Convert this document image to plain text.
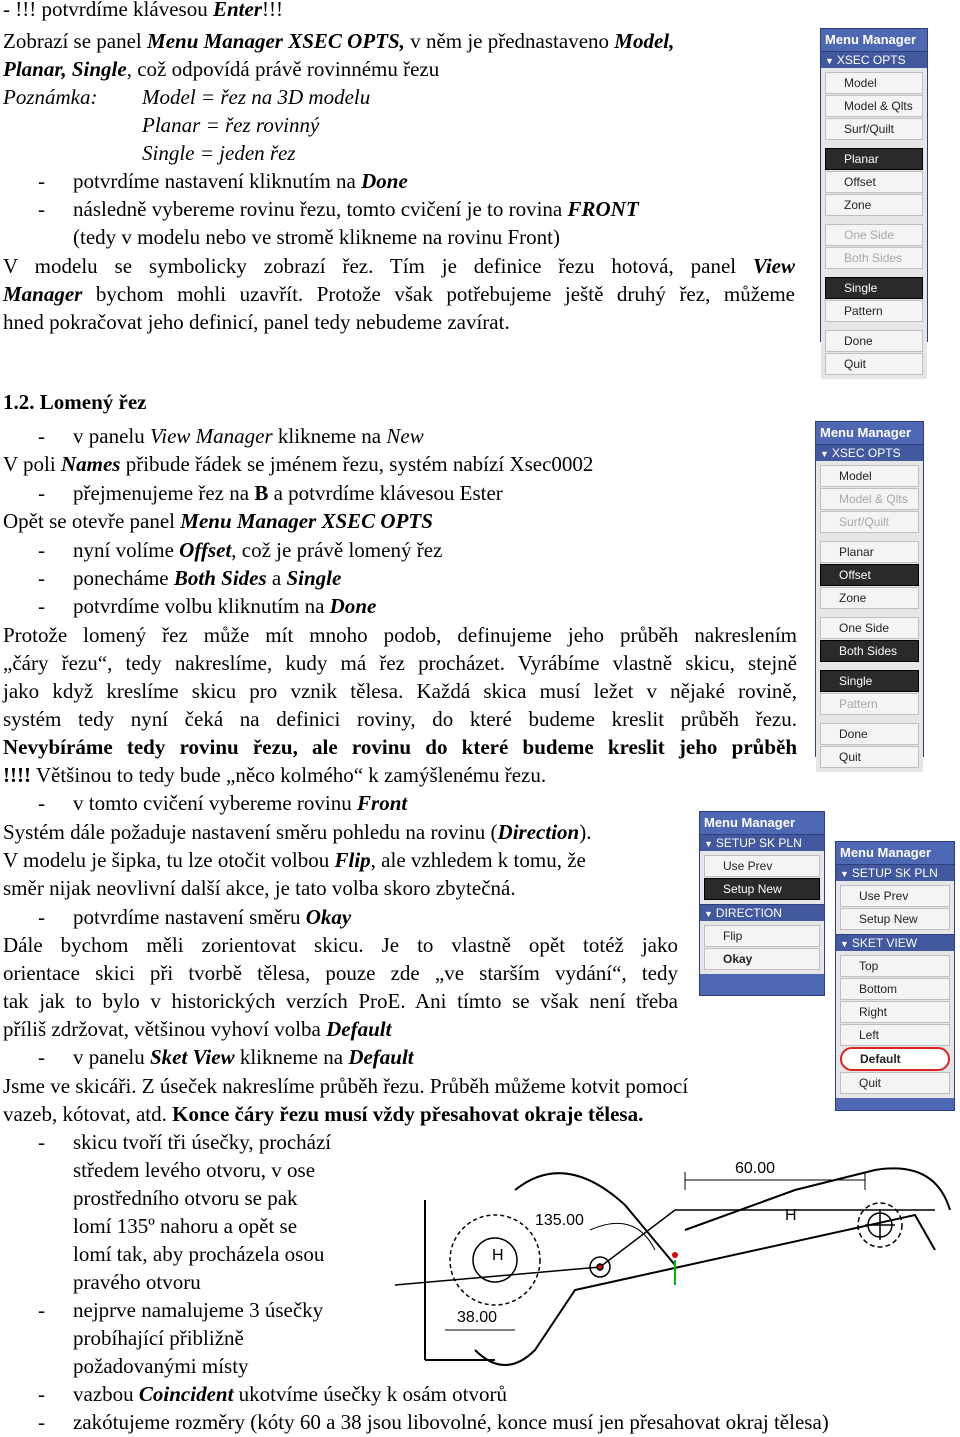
- !!! potvrdíme klávesou Enter!!!
Zobrazí se panel Menu Manager XSEC OPTS, v něm je přednastaveno Model,
Planar, Single, což odpovídá právě rovinnému řezu
Poznámka: Model = řez na 3D modelu
Planar = řez rovinný
Single = jeden řez
-	potvrdíme nastavení kliknutím na Done
-	následně vybereme rovinu řezu, tomto cvičení je to rovina FRONT
(tedy v modelu nebo ve stromě klikneme na rovinu Front)
V modelu se symbolicky zobrazí řez. Tím je definice řezu hotová, panel View
Manager bychom mohli uzavřít. Protože však potřebujeme ještě druhý řez, můžeme
hned pokračovat jeho definicí, panel tedy nebudeme zavírat.
Menu Manager
▼ XSEC OPTS
Model
Model & Qlts
Surf/Quilt
Planar
Offset
Zone
One Side
Both Sides
Single
Pattern
Done
Quit
1.2. Lomený řez
-	v panelu View Manager klikneme na New
V poli Names přibude řádek se jménem řezu, systém nabízí Xsec0002
-	přejmenujeme řez na B a potvrdíme klávesou Ester
Opět se otevře panel Menu Manager XSEC OPTS
-	nyní volíme Offset, což je právě lomený řez
-	ponecháme Both Sides a Single
-	potvrdíme volbu kliknutím na Done
Protože lomený řez může mít mnoho podob, definujeme jeho průběh nakreslením
„čáry řezu“, tedy nakreslíme, kudy má řez procházet. Vyrábíme vlastně skicu, stejně
jako když kreslíme skicu pro vznik tělesa. Každá skica musí ležet v nějaké rovině,
systém tedy nyní čeká na definici roviny, do které budeme kreslit průběh řezu.
Nevybíráme tedy rovinu řezu, ale rovinu do které budeme kreslit jeho průběh
!!!! Většinou to tedy bude „něco kolmého“ k zamýšlenému řezu.
Menu Manager
▼ XSEC OPTS
Model
Model & Qlts
Surf/Quilt
Planar
Offset
Zone
One Side
Both Sides
Single
Pattern
Done
Quit
-	v tomto cvičení vybereme rovinu Front
Systém dále požaduje nastavení směru pohledu na rovinu (Direction).
V modelu je šipka, tu lze otočit volbou Flip, ale vzhledem k tomu, že
směr nijak neovlivní další akce, je tato volba skoro zbytečná.
-	potvrdíme nastavení směru Okay
Dále bychom měli zorientovat skicu. Je to vlastně opět totéž jako
orientace skici při tvorbě tělesa, pouze zde „ve starším vydání“, tedy
tak jak to bylo v historických verzích ProE. Ani tímto se však není třeba
příliš zdržovat, většinou vyhoví volba Default
-	v panelu Sket View klikneme na Default
Jsme ve skicáři. Z úseček nakreslíme průběh řezu. Průběh můžeme kotvit pomocí
vazeb, kótovat, atd. Konce čáry řezu musí vždy přesahovat okraje tělesa.
Menu Manager
▼ SETUP SK PLN
Use Prev
Setup New
▼ DIRECTION
Flip
Okay
Menu Manager
▼ SETUP SK PLN
Use Prev
Setup New
▼ SKET VIEW
Top
Bottom
Right
Left
Default
Quit
-	skicu tvoří tři úsečky, prochází
středem levého otvoru, v ose
prostředního otvoru se pak
lomí 135º nahoru a opět se
lomí tak, aby procházela osou
pravého otvoru
-	nejprve namalujeme 3 úsečky
probíhající přibližně
požadovanými místy
-	vazbou Coincident ukotvíme úsečky k osám otvorů
-	zakótujeme rozměry (kóty 60 a 38 jsou libovolné, konce musí jen přesahovat okraj tělesa)
60.00
135.00
38.00
H
H
